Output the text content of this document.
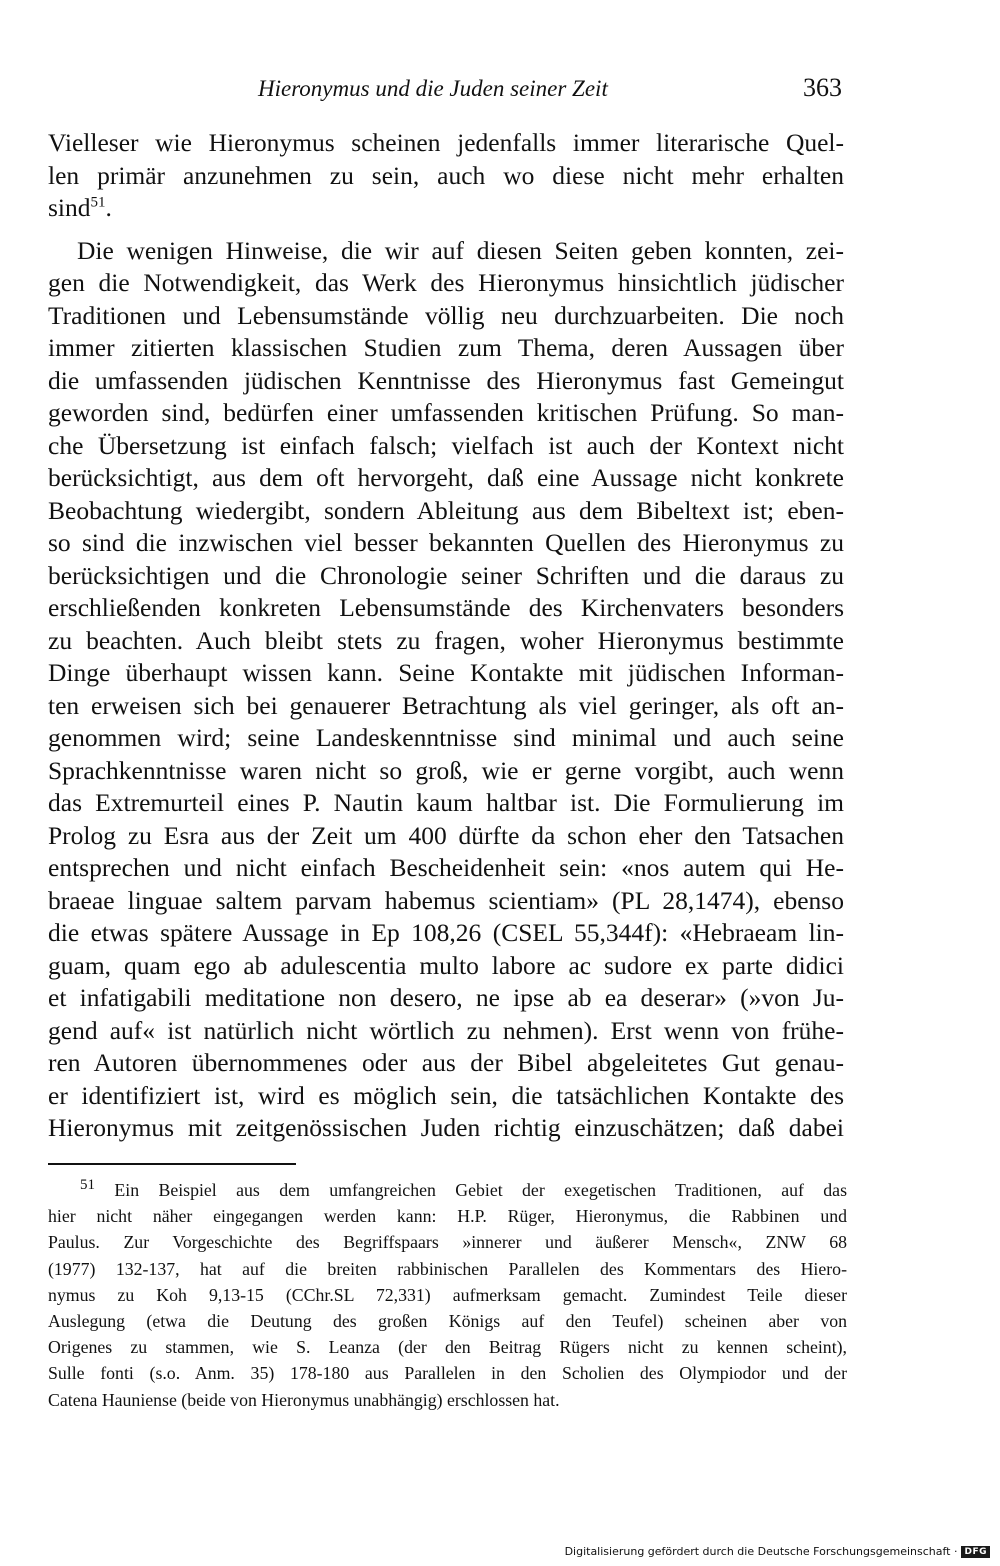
Hieronymus und die Juden seiner Zeit	363
Vielleser wie Hieronymus scheinen jedenfalls immer literarische Quel-
len primär anzunehmen zu sein, auch wo diese nicht mehr erhalten
sind$^{51}$.
Die wenigen Hinweise, die wir auf diesen Seiten geben konnten, zei-
gen die Notwendigkeit, das Werk des Hieronymus hinsichtlich jüdischer
Traditionen und Lebensumstände völlig neu durchzuarbeiten. Die noch
immer zitierten klassischen Studien zum Thema, deren Aussagen über
die umfassenden jüdischen Kenntnisse des Hieronymus fast Gemeingut
geworden sind, bedürfen einer umfassenden kritischen Prüfung. So man-
che Übersetzung ist einfach falsch; vielfach ist auch der Kontext nicht
berücksichtigt, aus dem oft hervorgeht, daß eine Aussage nicht konkrete
Beobachtung wiedergibt, sondern Ableitung aus dem Bibeltext ist; eben-
so sind die inzwischen viel besser bekannten Quellen des Hieronymus zu
berücksichtigen und die Chronologie seiner Schriften und die daraus zu
erschließenden konkreten Lebensumstände des Kirchenvaters besonders
zu beachten. Auch bleibt stets zu fragen, woher Hieronymus bestimmte
Dinge überhaupt wissen kann. Seine Kontakte mit jüdischen Informan-
ten erweisen sich bei genauerer Betrachtung als viel geringer, als oft an-
genommen wird; seine Landeskenntnisse sind minimal und auch seine
Sprachkenntnisse waren nicht so groß, wie er gerne vorgibt, auch wenn
das Extremurteil eines P. Nautin kaum haltbar ist. Die Formulierung im
Prolog zu Esra aus der Zeit um 400 dürfte da schon eher den Tatsachen
entsprechen und nicht einfach Bescheidenheit sein: «nos autem qui He-
braeae linguae saltem parvam habemus scientiam» (PL 28,1474), ebenso
die etwas spätere Aussage in Ep 108,26 (CSEL 55,344f): «Hebraeam lin-
guam, quam ego ab adulescentia multo labore ac sudore ex parte didici
et infatigabili meditatione non desero, ne ipse ab ea deserar» (»von Ju-
gend auf« ist natürlich nicht wörtlich zu nehmen). Erst wenn von frühe-
ren Autoren übernommenes oder aus der Bibel abgeleitetes Gut genau-
er identifiziert ist, wird es möglich sein, die tatsächlichen Kontakte des
Hieronymus mit zeitgenössischen Juden richtig einzuschätzen; daß dabei
$^{51}$ Ein Beispiel aus dem umfangreichen Gebiet der exegetischen Traditionen, auf das
hier nicht näher eingegangen werden kann: H.P. Rüger, Hieronymus, die Rabbinen und
Paulus. Zur Vorgeschichte des Begriffspaars »innerer und äußerer Mensch«, ZNW 68
(1977) 132-137, hat auf die breiten rabbinischen Parallelen des Kommentars des Hiero-
nymus zu Koh 9,13-15 (CChr.SL 72,331) aufmerksam gemacht. Zumindest Teile dieser
Auslegung (etwa die Deutung des großen Königs auf den Teufel) scheinen aber von
Origenes zu stammen, wie S. Leanza (der den Beitrag Rügers nicht zu kennen scheint),
Sulle fonti (s.o. Anm. 35) 178-180 aus Parallelen in den Scholien des Olympiodor und der
Catena Hauniense (beide von Hieronymus unabhängig) erschlossen hat.
Digitalisierung gefördert durch die Deutsche Forschungsgemeinschaft · DFG
